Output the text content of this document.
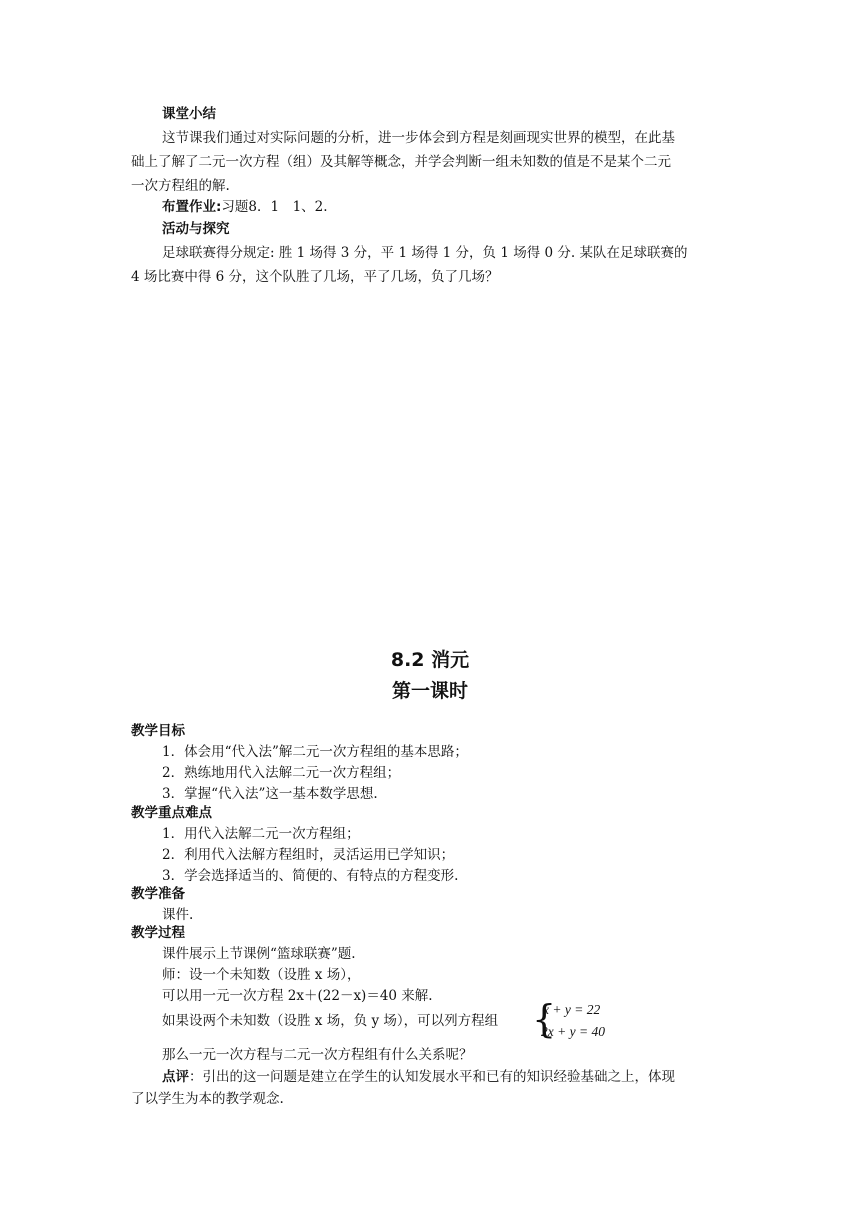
课堂小结
这节课我们通过对实际问题的分析，进一步体会到方程是刻画现实世界的模型，在此基
础上了解了二元一次方程（组）及其解等概念，并学会判断一组未知数的值是不是某个二元
一次方程组的解.
布置作业:习题8．1　1、2.
活动与探究
足球联赛得分规定: 胜 1 场得 3 分，平 1 场得 1 分，负 1 场得 0 分. 某队在足球联赛的
4 场比赛中得 6 分，这个队胜了几场，平了几场，负了几场？
8.2 消元
第一课时
教学目标
1．体会用“代入法”解二元一次方程组的基本思路；
2．熟练地用代入法解二元一次方程组；
3．掌握“代入法”这一基本数学思想.
教学重点难点
1．用代入法解二元一次方程组；
2．利用代入法解方程组时，灵活运用已学知识；
3．学会选择适当的、简便的、有特点的方程变形.
教学准备
课件.
教学过程
课件展示上节课例“篮球联赛”题.
师：设一个未知数（设胜 x 场），
可以用一元一次方程 2x＋(22－x)＝40 来解.
如果设两个未知数（设胜 x 场，负 y 场），可以列方程组 {
x + y = 22
2x + y = 40
那么一元一次方程与二元一次方程组有什么关系呢？
点评：引出的这一问题是建立在学生的认知发展水平和已有的知识经验基础之上，体现
了以学生为本的教学观念.
